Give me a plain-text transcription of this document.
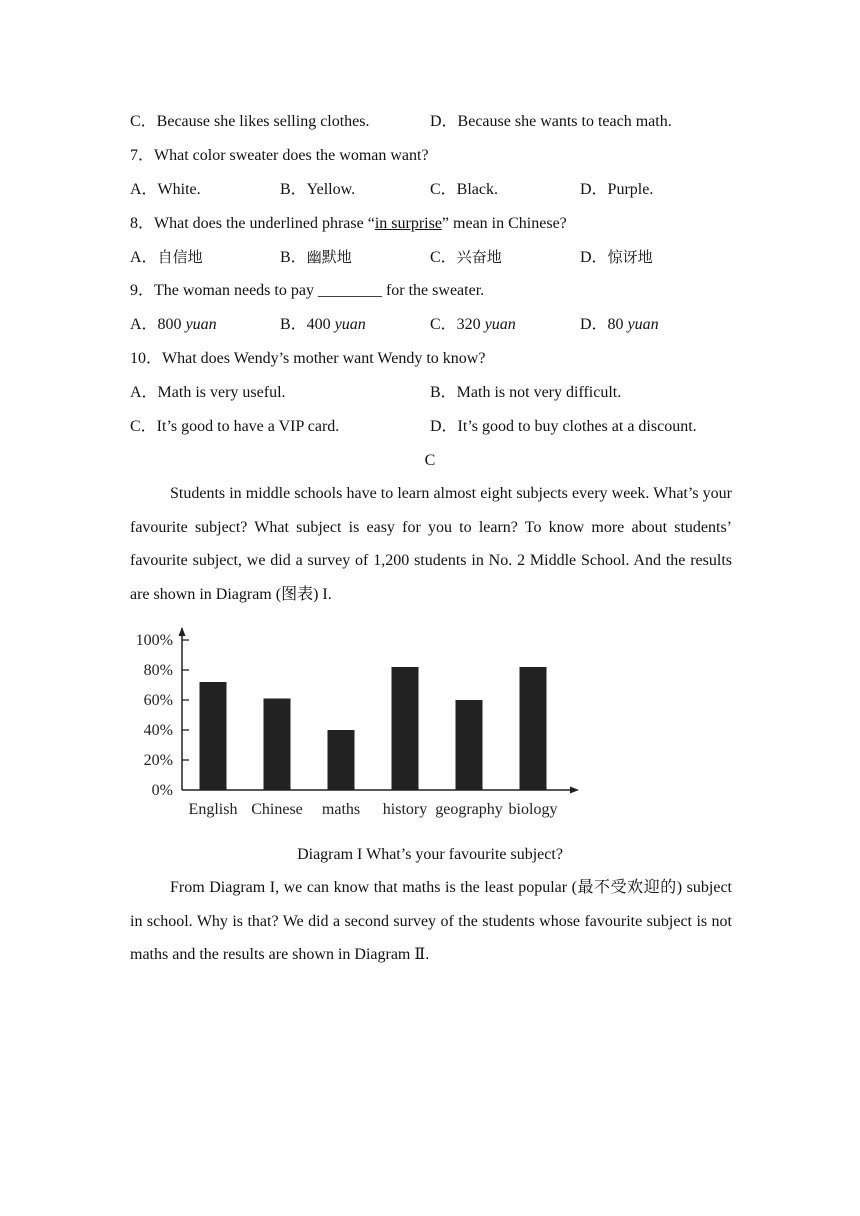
C．Because she likes selling clothes.	D．Because she wants to teach math.
7．What color sweater does the woman want?
A．White.	B．Yellow.	C．Black.	D．Purple.
8．What does the underlined phrase “in surprise” mean in Chinese?
A．自信地	B．幽默地	C．兴奋地	D．惊讶地
9．The woman needs to pay ________ for the sweater.
A．800 yuan	B．400 yuan	C．320 yuan	D．80 yuan
10．What does Wendy’s mother want Wendy to know?
A．Math is very useful.	B．Math is not very difficult.
C．It’s good to have a VIP card.	D．It’s good to buy clothes at a discount.
C
Students in middle schools have to learn almost eight subjects every week. What’s your favourite subject? What subject is easy for you to learn? To know more about students’ favourite subject, we did a survey of 1,200 students in No. 2 Middle School. And the results are shown in Diagram (图表) I.
0%
20%
40%
60%
80%
100%
English Chinese maths history geography biology
Diagram I What’s your favourite subject?
From Diagram I, we can know that maths is the least popular (最不受欢迎的) subject in school. Why is that? We did a second survey of the students whose favourite subject is not maths and the results are shown in Diagram Ⅱ.
